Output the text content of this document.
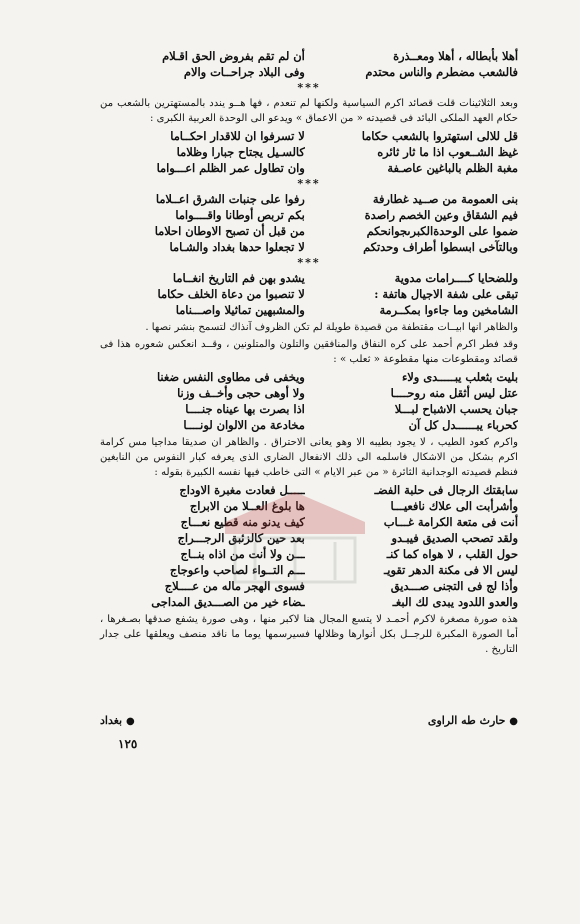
أهلا بأبطاله ، أهلا ومعــذرة
أن لم تقم بفروض الحق اقـلام
فالشعب مضطرم والناس محتدم
وفى البلاد جراحــات والام
***

وبعد الثلاثينات قلت قصائد اكرم السياسية ولكنها لم تنعدم ، فها هــو يندد بالمستهترين بالشعب من حكام العهد الملكى البائد فى قصيدته « من الاعماق » ويدعو الى الوحدة العربية الكبرى :

قل للالى استهتروا بالشعب حكاما
لا تسرفوا ان للاقدار احكــاما
غيظ الشــعوب اذا ما ثار ثائره
كالسـيل يجتاح جبارا وظلاما
مغبة الظلم بالباغين عاصـفة
وان تطاول عمر الظلم اعـــواما
***
بنى العمومة من صــيد غطارفة
رفوا على جنبات الشرق اعــلاما
فيم الشقاق وعين الخصم راصدة
بكم تربص أوطانا واقــــواما
ضموا على الوحدةالكبرىجوانحكم
من قبل أن تصبح الاوطان احلاما
وبالتآخى ابسطوا أطراف وحدتكم
لا تجعلوا حدها بغداد والشـاما
***
وللضحايا كــــرامات مدوية
يشدو بهن فم التاريخ انغــاما
تبقى على شفة الاجيال هاتفة :
لا تنصبوا من دعاة الخلف حكاما
الشامخين وما جاءوا بمكــرمة
والمشبهين تماثيلا واصـــناما

والظاهر انها ابيــات مقتطفة من قصيدة طويلة لم تكن الظروف آنذاك لتسمح بنشر نصها .

وقد فطر اكرم أحمد على كره النفاق والمنافقين والتلون والمتلونين ، وقــد انعكس شعوره هذا فى قصائد ومقطوعات منها مقطوعة « ثعلب » :

بليت بثعلب يبـــــدى ولاء
ويخفى فى مطاوى النفس ضغنا
عتل ليس أثقل منه روحــــا
ولا أوهى حجى وأخــف وزنا
جبان يحسب الاشباح لبـــلا
اذا بصرت بها عيناه جنــــا
كحرباء يبــــــدل كل آن
مخادعة من الالوان لونــــا

واكرم كعود الطيب ، لا يجود بطيبه الا وهو يعانى الاحتراق . والظاهر ان صديقا مداجيا مس كرامة اكرم بشكل من الاشكال فاسلمه الى ذلك الانفعال الضارى الذى يعرفه كبار النفوس من النابغين فنظم قصيدته الوجدانية الثائرة « من عبر الايام » التى خاطب فيها نفسه الكبيرة بقوله :

سابقتك الرجال فى حلبة الفضـ
ـــــل فعادت مغبرة الاوداج
وأشرأبت الى علاك نافعيـــا
ها بلوغ العــلا من الابراج
أنت فى متعة الكرامة غـــاب
كيف يدنو منه قطيع نعـــاج
ولقد تصحب الصديق فيبـدو
بعد حين كالزئبق الرجـــراج
حول القلب ، لا هواه كما كنـ
ـــن ولا أنت من اذاه بنــاج
ليس الا فى مكنة الدهر تقويـ
ـــم التــواء لصاحب واعوجاج
وأذا لج فى التجنى صـــديق
فسوى الهجر ماله من عــــلاج
والعدو اللدود يبدى لك البغـ
ـضاء خير من الصـــديق المداجى

هذه صورة مصغرة لاكرم أحمـد لا يتسع المجال هنا لاكبر منها ، وهى صورة يشفع صدقها بصـغرها ، أما الصورة المكبرة للرجــل بكل أنوارها وظلالها فسيرسمها يوما ما ناقد منصف ويعلقها على جدار التاريخ .

● حارث طه الراوى
● بغداد
١٢٥
